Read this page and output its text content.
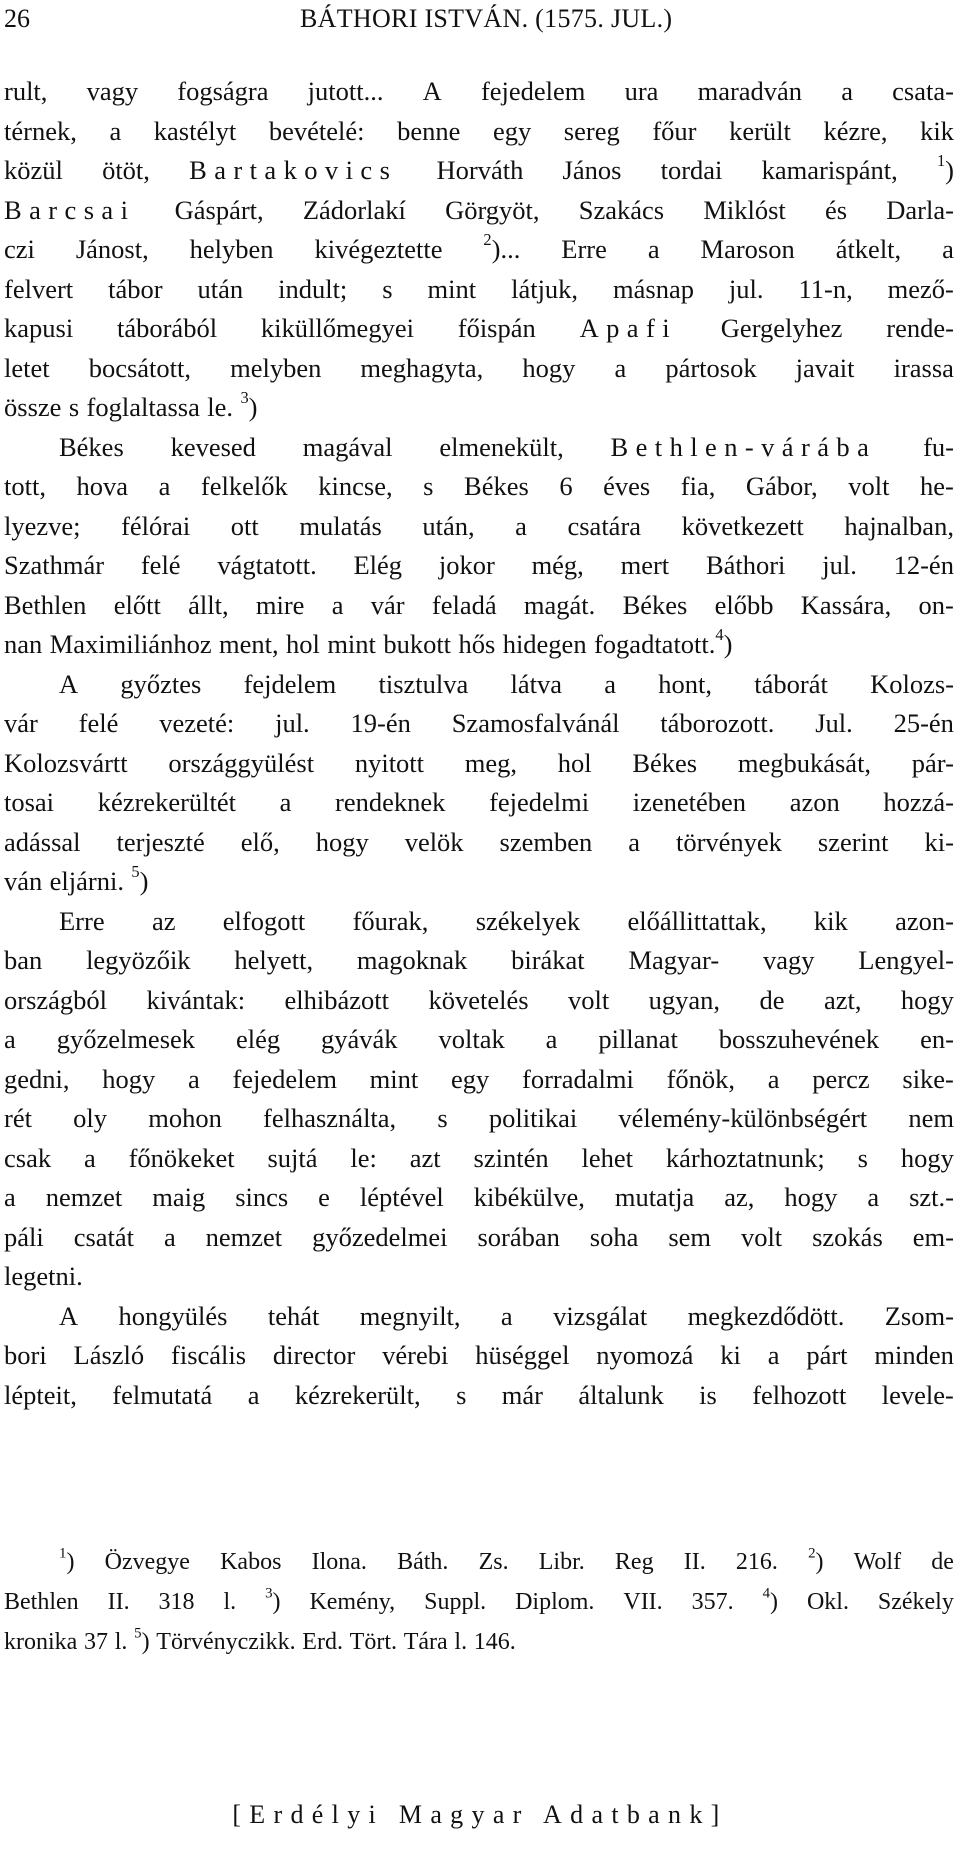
26	BÁTHORI ISTVÁN. (1575. JUL.)
rult, vagy fogságra jutott... A fejedelem ura maradván a csata-
térnek, a kastélyt bevételé: benne egy sereg főur került kézre, kik
közül ötöt, Bartakovics Horváth János tordai kamarispánt, $^1$)
Barcsai Gáspárt, Zádorlakí Görgyöt, Szakács Miklóst és Darla-
czi Jánost, helyben kivégeztette $^2$)... Erre a Maroson átkelt, a
felvert tábor után indult; s mint látjuk, másnap jul. 11-n, mező-
kapusi táborából kiküllőmegyei főispán Apafi Gergelyhez rende-
letet bocsátott, melyben meghagyta, hogy a pártosok javait irassa
össze s foglaltassa le. $^3$)
Békes kevesed magával elmenekült, Bethlen-várába fu-
tott, hova a felkelők kincse, s Békes 6 éves fia, Gábor, volt he-
lyezve; félórai ott mulatás után, a csatára következett hajnalban,
Szathmár felé vágtatott. Elég jokor még, mert Báthori jul. 12-én
Bethlen előtt állt, mire a vár feladá magát. Békes előbb Kassára, on-
nan Maximiliánhoz ment, hol mint bukott hős hidegen fogadtatott.$^4$)
A győztes fejdelem tisztulva látva a hont, táborát Kolozs-
vár felé vezeté: jul. 19-én Szamosfalvánál táborozott. Jul. 25-én
Kolozsvártt országgyülést nyitott meg, hol Békes megbukását, pár-
tosai kézrekerültét a rendeknek fejedelmi izenetében azon hozzá-
adással terjeszté elő, hogy velök szemben a törvények szerint ki-
ván eljárni. $^5$)
Erre az elfogott főurak, székelyek előállittattak, kik azon-
ban legyözőik helyett, magoknak birákat Magyar- vagy Lengyel-
országból kivántak: elhibázott követelés volt ugyan, de azt, hogy
a győzelmesek elég gyávák voltak a pillanat bosszuhevének en-
gedni, hogy a fejedelem mint egy forradalmi főnök, a percz sike-
rét oly mohon felhasználta, s politikai vélemény-különbségért nem
csak a főnökeket sujtá le: azt szintén lehet kárhoztatnunk; s hogy
a nemzet maig sincs e léptével kibékülve, mutatja az, hogy a szt.-
páli csatát a nemzet győzedelmei sorában soha sem volt szokás em-
legetni.
A hongyülés tehát megnyilt, a vizsgálat megkezdődött. Zsom-
bori László fiscális director vérebi hüséggel nyomozá ki a párt minden
lépteit, felmutatá a kézrekerült, s már általunk is felhozott levele-
$^1$) Özvegye Kabos Ilona. Báth. Zs. Libr. Reg II. 216. $^2$) Wolf de
Bethlen II. 318 l. $^3$) Kemény, Suppl. Diplom. VII. 357. $^4$) Okl. Székely
kronika 37 l. $^5$) Törvényczikk. Erd. Tört. Tára l. 146.
[Erdélyi Magyar Adatbank]
